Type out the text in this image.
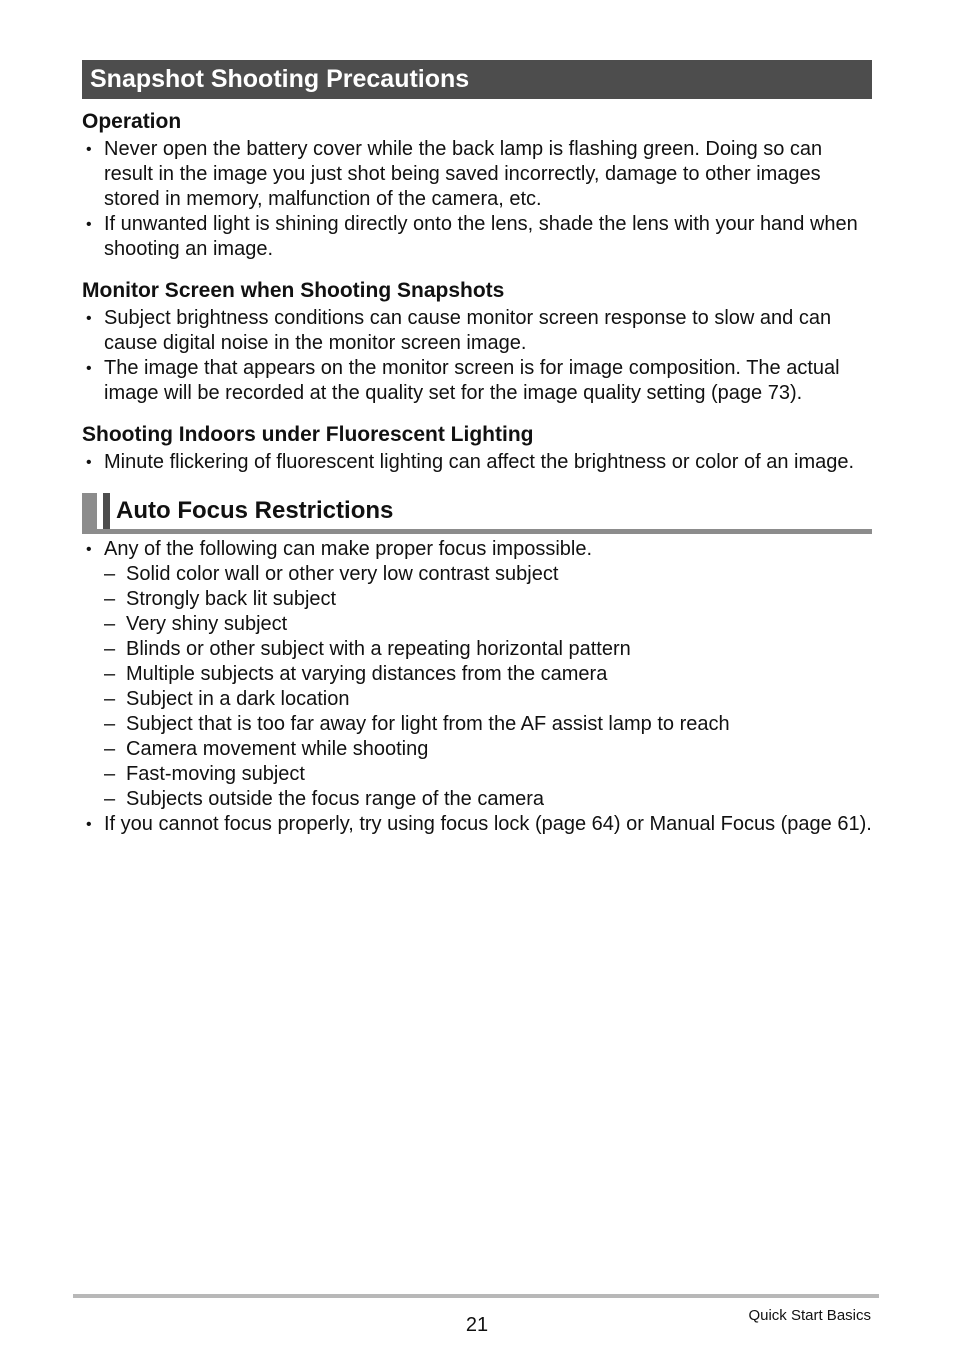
Snapshot Shooting Precautions
Operation
• Never open the battery cover while the back lamp is flashing green. Doing so can result in the image you just shot being saved incorrectly, damage to other images stored in memory, malfunction of the camera, etc.
• If unwanted light is shining directly onto the lens, shade the lens with your hand when shooting an image.
Monitor Screen when Shooting Snapshots
• Subject brightness conditions can cause monitor screen response to slow and can cause digital noise in the monitor screen image.
• The image that appears on the monitor screen is for image composition. The actual image will be recorded at the quality set for the image quality setting (page 73).
Shooting Indoors under Fluorescent Lighting
• Minute flickering of fluorescent lighting can affect the brightness or color of an image.
Auto Focus Restrictions
• Any of the following can make proper focus impossible.
– Solid color wall or other very low contrast subject
– Strongly back lit subject
– Very shiny subject
– Blinds or other subject with a repeating horizontal pattern
– Multiple subjects at varying distances from the camera
– Subject in a dark location
– Subject that is too far away for light from the AF assist lamp to reach
– Camera movement while shooting
– Fast-moving subject
– Subjects outside the focus range of the camera
• If you cannot focus properly, try using focus lock (page 64) or Manual Focus (page 61).
21	Quick Start Basics
